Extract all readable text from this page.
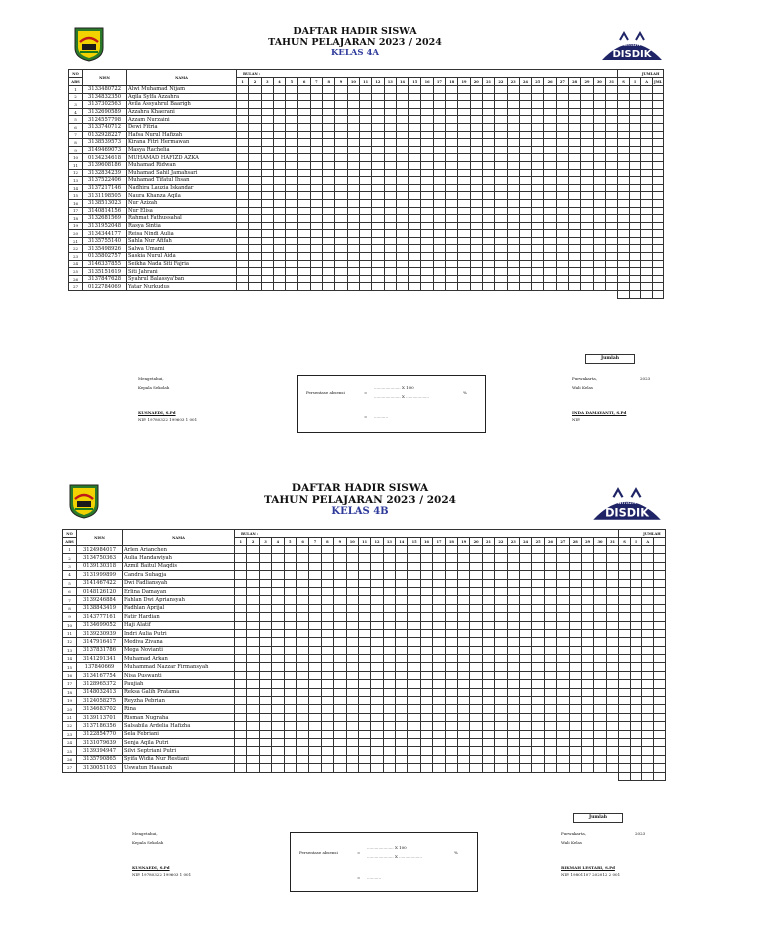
DAFTAR HADIR SISWA
TAHUN PELAJARAN 2023 / 2024
KELAS 4A
aman
DISDIK
NO	NISN	NAMA	BULAN :																															JUMLAH			
ABS			1	2	3	4	5	6	7	8	9	10	11	12	13	14	15	16	17	18	19	20	21	22	23	24	25	26	27	28	29	30	31	S	I	A	JML
1	3133480722	Alwi Muhamad Nijam																																			
2	3134832350	Aqila Sylfa Azzahra																																			
3	3137302563	Avila Assyahrul Baarigh																																			
4	3132690589	Azzahra Khaerani																																			
5	3124557798	Azzam Nurzaini																																			
6	3133740712	Dewi Fitria																																			
7	0132928227	Hafsa Nurul Hafizah																																			
8	3138539573	Kirana Fitri Hermawan																																			
9	3149469073	Masya Rachelia																																			
10	0134234618	MUHAMAD HAFIZD AZKA																																			
11	3139608186	Muhamad Ridwan																																			
12	3132834239	Muhamad Sahil Jamahsari																																			
13	3137522406	Muhamad Tifatul Ihsan																																			
14	3137217146	Nadhira Lauzia Iskandar																																			
15	3131198505	Naura Khanza Aqila																																			
16	3138513023	Nur Azizah																																			
17	3140814156	Nur Elisa																																			
18	3132681569	Rahmat Fathussahal																																			
19	3131952048	Rasya Sintia																																			
20	3134344177	Reisa Nindi Aulia																																			
21	3135755140	Sahla Nur Afifah																																			
22	3135498926	Salwa Umami																																			
23	0135802757	Saskia Nurul Aida																																			
24	3146337855	Seikha Nada Siti Fajria																																			
25	3135151619	Siti Jahrani																																			
26	3137847628	Syahrul Balassya'ban																																			
27	0122784069	Yatar Nurkudus																																			

Jumlah
Mengetahui,
Kepala Sekolah
KUSNAEDI, S.Pd
NIP. 19780322 199603 1 001
Persentase absensi	=
..................... X 100
..................... X ..................
%
= ...........
Purwakarta,	2023
Wali Kelas
INDA DAMAYANTI, S.Pd
NIP.
DAFTAR HADIR SISWA
TAHUN PELAJARAN 2023 / 2024
KELAS 4B
aman
DISDIK
NO	NISN	NAMA	BULAN :																															JUMLAH			
ABS			1	2	3	4	5	6	7	8	9	10	11	12	13	14	15	16	17	18	19	20	21	22	23	24	25	26	27	28	29	30	31	S	I	A	
1	3124984017	Arlen Arianchen																																			
2	3134750363	Aulia Handawiyah																																			
3	0139130318	Azmil Baitul Maqdis																																			
4	3131999899	Candra Suhagja																																			
5	3141467422	Dwi Fadliansyah																																			
6	0148126120	Erlina Damayan																																			
7	3139246884	Fahlan Dwi Apriansyah																																			
8	3138843419	Fadhlan Aprijal																																			
9	3143777161	Fatir Hardian																																			
10	3134699052	Haji Alatif																																			
11	3139230939	Indri Aulia Putri																																			
12	3147916417	Mediva Zivana																																			
13	3137831786	Mega Novianti																																			
14	3141291341	Muhamad Arkan																																			
15	137840669	Muhammad Nazzar Firmansyah																																			
16	3134167754	Nisa Puswanti																																			
17	3128965372	Paujiah																																			
18	3148032413	Reksa Galih Pratama																																			
19	3124058275	Reyzha Pebrian																																			
20	3134683702	Rina																																			
21	3139113701	Risman Nugraha																																			
22	3137186356	Salsabila Ardelia Hafizha																																			
23	3122854770	Sela Febriani																																			
24	3131079639	Senja Aqila Putri																																			
25	3139394947	Silvi Septriani Putri																																			
26	3135790865	Syifa Widia Nur Restiani																																			
27	3130051103	Uswatun Hasanah																																			

Jumlah
Mengetahui,
Kepala Sekolah
KUSNAEDI, S.Pd
NIP. 19780322 199603 1 001
Persentase absensi	=
..................... X 100
..................... X ..................
%
= ...........
Purwakarta,	2023
Wali Kelas
RIKMAH LESTARI, S.Pd
NIP. 19801107 202012 2 001
